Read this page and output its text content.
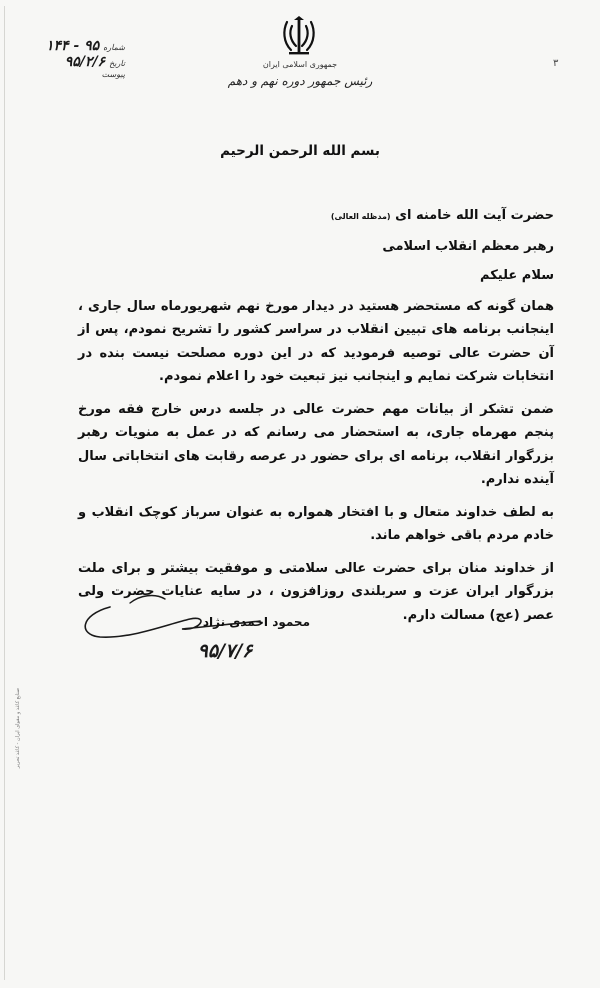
جمهوری اسلامی ایران
رئیس جمهور دوره نهم و دهم
۳
شماره
۹۵ - ۱۴۴
تاریخ
۹۵/۲/۶
پیوست
بسم الله الرحمن الرحیم

حضرت آیت الله خامنه ای (مدظله العالی)

رهبر معظم انقلاب اسلامی

سلام علیکم

همان گونه که مستحضر هستید در دیدار مورخ نهم شهریورماه سال جاری ، اینجانب برنامه های تبیین انقلاب در سراسر کشور را تشریح نمودم، پس از آن حضرت عالی توصیه فرمودید که در این دوره مصلحت نیست بنده در انتخابات شرکت نمایم و اینجانب نیز تبعیت خود را اعلام نمودم.

ضمن تشکر از بیانات مهم حضرت عالی در جلسه درس خارج فقه مورخ پنجم مهرماه جاری، به استحضار می رسانم که در عمل به منویات رهبر بزرگوار انقلاب، برنامه ای برای حضور در عرصه رقابت های انتخاباتی سال آینده ندارم.

به لطف خداوند متعال و با افتخار همواره به عنوان سرباز کوچک انقلاب و خادم مردم باقی خواهم ماند.

از خداوند منان برای حضرت عالی سلامتی و موفقیت بیشتر و برای ملت بزرگوار ایران عزت و سربلندی روزافزون ، در سایه عنایات حضرت ولی عصر (عج) مسالت دارم.

محمود احمدی نژاد
۹۵/۷/۶
صنایع کاغذ و مقوای ایران - کاغذ تحریر
